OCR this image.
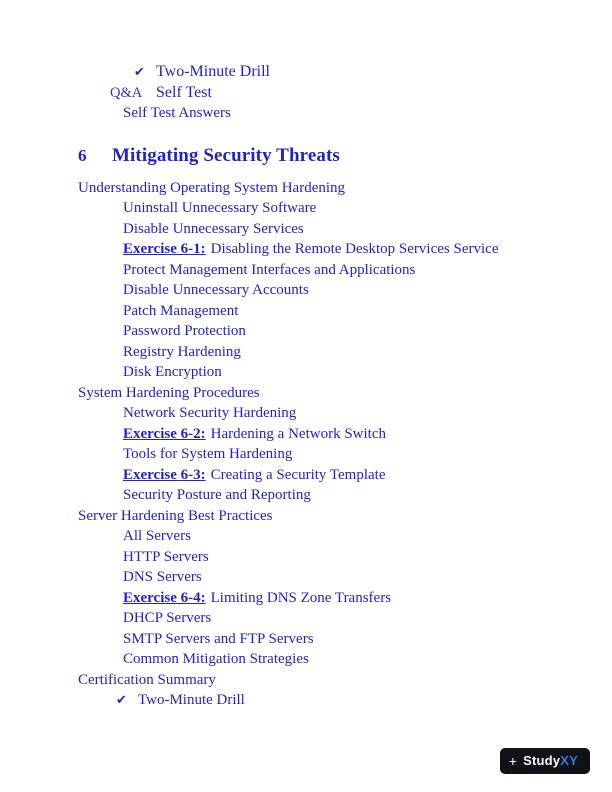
✔ Two-Minute Drill
Q&A Self Test
Self Test Answers
6	Mitigating Security Threats
Understanding Operating System Hardening
Uninstall Unnecessary Software
Disable Unnecessary Services
Exercise 6-1: Disabling the Remote Desktop Services Service
Protect Management Interfaces and Applications
Disable Unnecessary Accounts
Patch Management
Password Protection
Registry Hardening
Disk Encryption
System Hardening Procedures
Network Security Hardening
Exercise 6-2: Hardening a Network Switch
Tools for System Hardening
Exercise 6-3: Creating a Security Template
Security Posture and Reporting
Server Hardening Best Practices
All Servers
HTTP Servers
DNS Servers
Exercise 6-4: Limiting DNS Zone Transfers
DHCP Servers
SMTP Servers and FTP Servers
Common Mitigation Strategies
Certification Summary
✔ Two-Minute Drill
+ StudyXY
